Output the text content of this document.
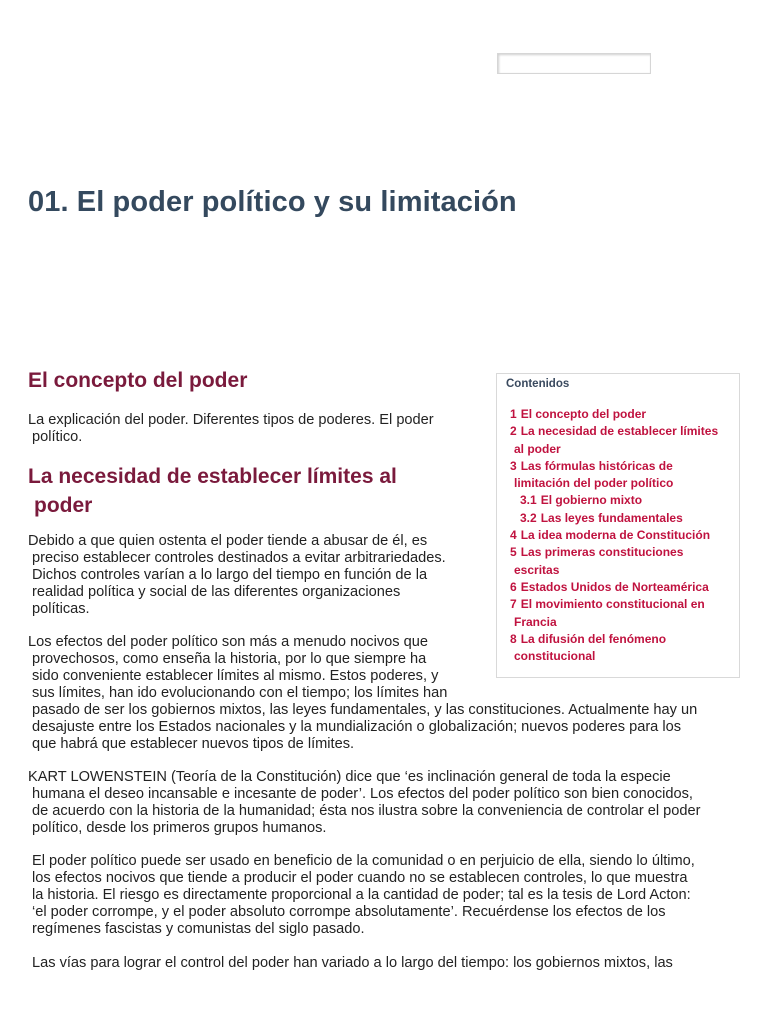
01. El poder político y su limitación
El concepto del poder

La explicación del poder. Diferentes tipos de poderes. El poder
político.

La necesidad de establecer límites al
poder

Debido a que quien ostenta el poder tiende a abusar de él, es
preciso establecer controles destinados a evitar arbitrariedades.
Dichos controles varían a lo largo del tiempo en función de la
realidad política y social de las diferentes organizaciones
políticas.

Los efectos del poder político son más a menudo nocivos que
provechosos, como enseña la historia, por lo que siempre ha
sido conveniente establecer límites al mismo. Estos poderes, y
sus límites, han ido evolucionando con el tiempo; los límites han
pasado de ser los gobiernos mixtos, las leyes fundamentales, y las constituciones. Actualmente hay un
desajuste entre los Estados nacionales y la mundialización o globalización; nuevos poderes para los
que habrá que establecer nuevos tipos de límites.

KART LOWENSTEIN (Teoría de la Constitución) dice que ‘es inclinación general de toda la especie
humana el deseo incansable e incesante de poder’. Los efectos del poder político son bien conocidos,
de acuerdo con la historia de la humanidad; ésta nos ilustra sobre la conveniencia de controlar el poder
político, desde los primeros grupos humanos.

El poder político puede ser usado en beneficio de la comunidad o en perjuicio de ella, siendo lo último,
los efectos nocivos que tiende a producir el poder cuando no se establecen controles, lo que muestra
la historia. El riesgo es directamente proporcional a la cantidad de poder; tal es la tesis de Lord Acton:
‘el poder corrompe, y el poder absoluto corrompe absolutamente’. Recuérdense los efectos de los
regímenes fascistas y comunistas del siglo pasado.

Las vías para lograr el control del poder han variado a lo largo del tiempo: los gobiernos mixtos, las

Contenidos

1 El concepto del poder
2 La necesidad de establecer límites
al poder
3 Las fórmulas históricas de
limitación del poder político
3.1 El gobierno mixto
3.2 Las leyes fundamentales
4 La idea moderna de Constitución
5 Las primeras constituciones
escritas
6 Estados Unidos de Norteamérica
7 El movimiento constitucional en
Francia
8 La difusión del fenómeno
constitucional
